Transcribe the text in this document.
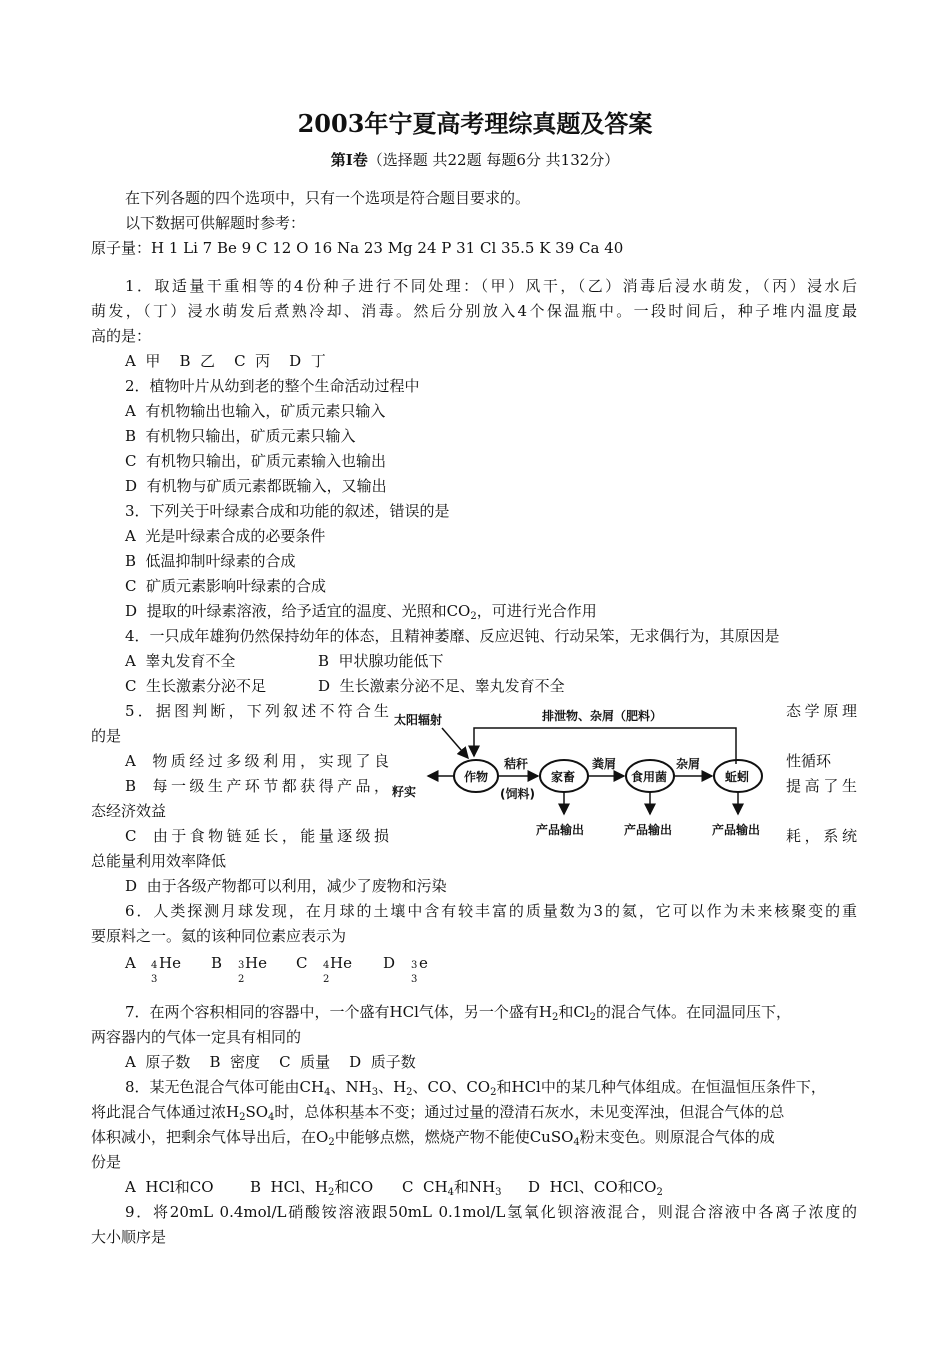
2003年宁夏高考理综真题及答案
第Ⅰ卷（选择题 共22题 每题6分 共132分）
在下列各题的四个选项中，只有一个选项是符合题目要求的。
以下数据可供解题时参考：
原子量：H 1 Li 7 Be 9 C 12 O 16 Na 23 Mg 24 P 31 Cl 35.5 K 39 Ca 40
1．取适量干重相等的4份种子进行不同处理：（甲）风干，（乙）消毒后浸水萌发，（丙）浸水后
萌发，（丁）浸水萌发后煮熟冷却、消毒。然后分别放入4个保温瓶中。一段时间后，种子堆内温度最
高的是：
A  甲    B  乙    C  丙    D  丁
2．植物叶片从幼到老的整个生命活动过程中
A  有机物输出也输入，矿质元素只输入
B  有机物只输出，矿质元素只输入
C  有机物只输出，矿质元素输入也输出
D  有机物与矿质元素都既输入，又输出
3．下列关于叶绿素合成和功能的叙述，错误的是
A  光是叶绿素合成的必要条件
B  低温抑制叶绿素的合成
C  矿质元素影响叶绿素的合成
D  提取的叶绿素溶液，给予适宜的温度、光照和$CO_2$，可进行光合作用
4．一只成年雄狗仍然保持幼年的体态，且精神萎靡、反应迟钝、行动呆笨，无求偶行为，其原因是
A  睾丸发育不全	B  甲状腺功能低下
C  生长激素分泌不足	D  生长激素分泌不足、睾丸发育不全
5．据图判断，下列叙述不符合生	态学原理
的是
A  物质经过多级利用，实现了良	性循环
B  每一级生产环节都获得产品，	提高了生
态经济效益
C  由于食物链延长，能量逐级损	耗，系统
总能量利用效率降低
D  由于各级产物都可以利用，减少了废物和污染
太阳辐射	排泄物、杂屑（肥料）
作物	家畜	食用菌	蚯蚓
籽实
秸秆
(饲料)
粪屑	杂屑
产品输出	产品输出	产品输出
6．人类探测月球发现，在月球的土壤中含有较丰富的质量数为3的氦，它可以作为未来核聚变的重
要原料之一。氦的该种同位素应表示为
A 4 He
3
B 3 He
2
C 4 He
2
D 3 e
3
7．在两个容积相同的容器中，一个盛有HCl气体，另一个盛有$H_2$和$Cl_2$的混合气体。在同温同压下，
两容器内的气体一定具有相同的
A  原子数    B  密度    C  质量    D  质子数
8．某无色混合气体可能由$CH_4$、$NH_3$、$H_2$、CO、$CO_2$和HCl中的某几种气体组成。在恒温恒压条件下，
将此混合气体通过浓$H_2SO_4$时，总体积基本不变；通过过量的澄清石灰水，未见变浑浊，但混合气体的总
体积减小，把剩余气体导出后，在$O_2$中能够点燃，燃烧产物不能使CuSO$_4$粉末变色。则原混合气体的成
份是
A  HCl和CO B  HCl、$H_2$和CO C  $CH_4$和$NH_3$ D  HCl、CO和$CO_2$
9．将20mL 0.4mol/L硝酸铵溶液跟50mL 0.1mol/L氢氧化钡溶液混合，则混合溶液中各离子浓度的
大小顺序是
